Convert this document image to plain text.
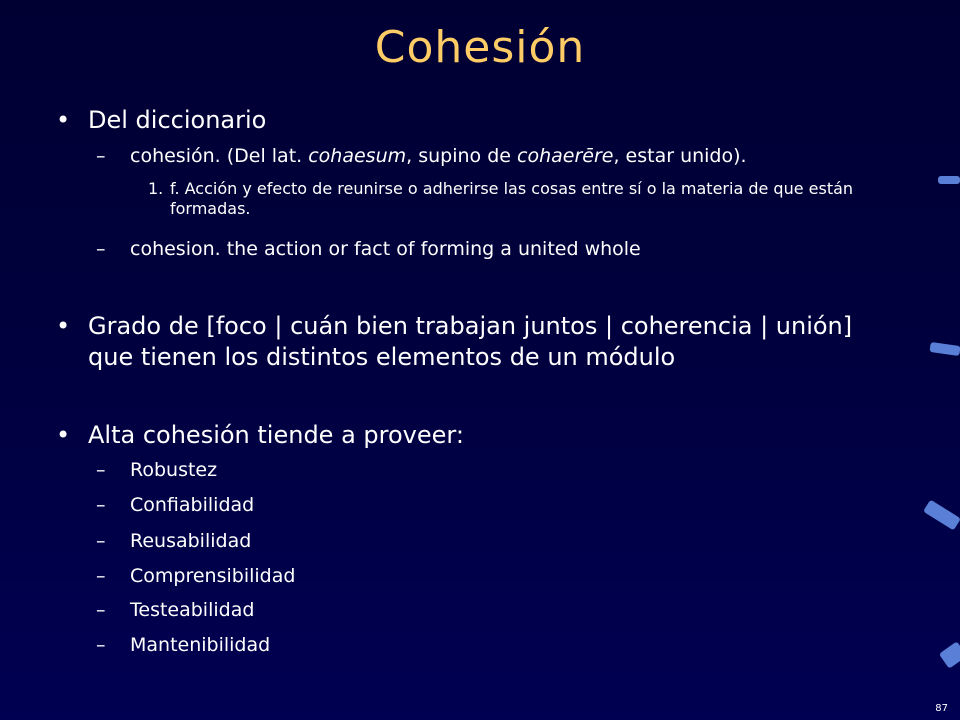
Cohesión
• Del diccionario
– cohesión. (Del lat. cohaesum, supino de cohaerēre, estar unido).
1. f. Acción y efecto de reunirse o adherirse las cosas entre sí o la materia de que están formadas.
– cohesion. the action or fact of forming a united whole
• Grado de [foco | cuán bien trabajan juntos | coherencia | unión] que tienen los distintos elementos de un módulo
• Alta cohesión tiende a proveer:
– Robustez
– Confiabilidad
– Reusabilidad
– Comprensibilidad
– Testeabilidad
– Mantenibilidad
87
